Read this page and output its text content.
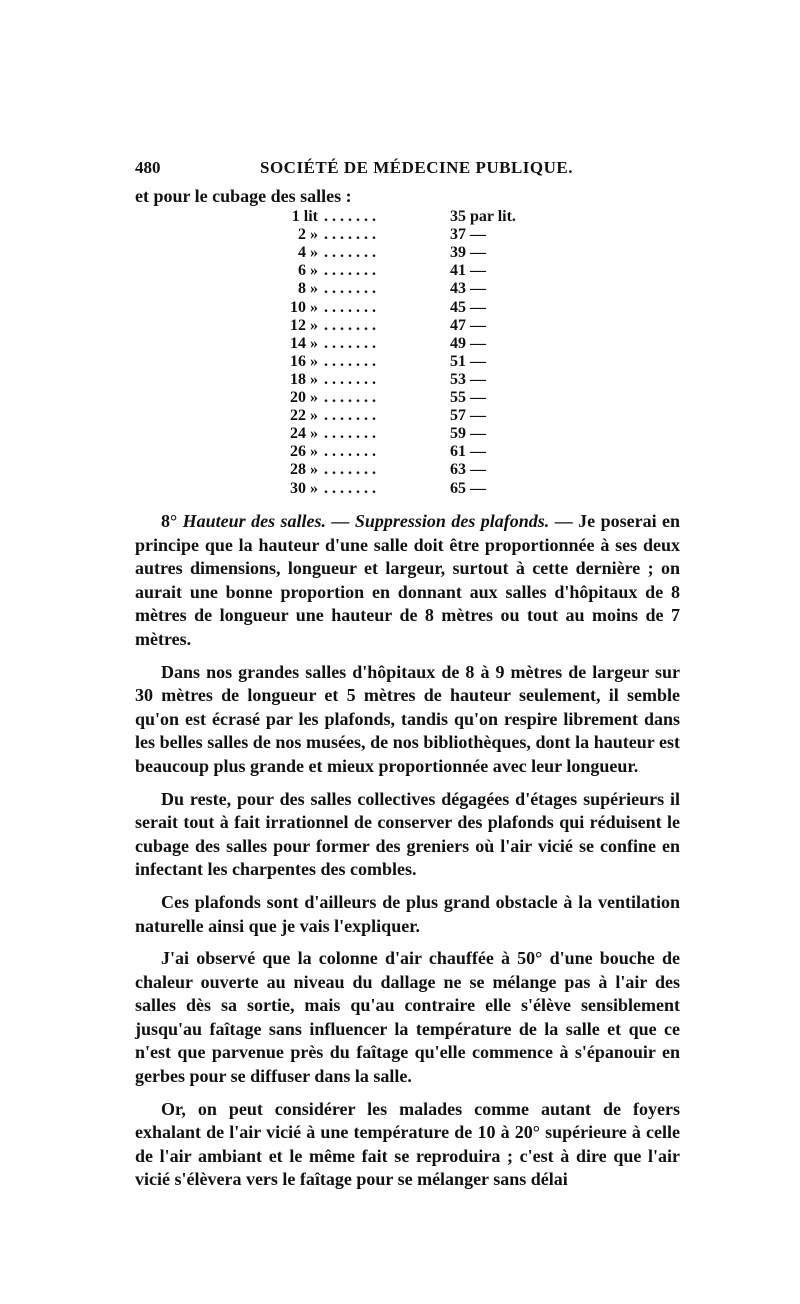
480	SOCIÉTÉ DE MÉDECINE PUBLIQUE.
et pour le cubage des salles :
1 lit . . . . . . .	35 par lit.
2 » . . . . . . .	37 —
4 » . . . . . . .	39 —
6 » . . . . . . .	41 —
8 » . . . . . . .	43 —
10 » . . . . . . .	45 —
12 » . . . . . . .	47 —
14 » . . . . . . .	49 —
16 » . . . . . . .	51 —
18 » . . . . . . .	53 —
20 » . . . . . . .	55 —
22 » . . . . . . .	57 —
24 » . . . . . . .	59 —
26 » . . . . . . .	61 —
28 » . . . . . . .	63 —
30 » . . . . . . .	65 —

8° Hauteur des salles. — Suppression des plafonds. — Je poserai en principe que la hauteur d'une salle doit être proportionnée à ses deux autres dimensions, longueur et largeur, surtout à cette dernière ; on aurait une bonne proportion en donnant aux salles d'hôpitaux de 8 mètres de longueur une hauteur de 8 mètres ou tout au moins de 7 mètres.

Dans nos grandes salles d'hôpitaux de 8 à 9 mètres de largeur sur 30 mètres de longueur et 5 mètres de hauteur seulement, il semble qu'on est écrasé par les plafonds, tandis qu'on respire librement dans les belles salles de nos musées, de nos bibliothèques, dont la hauteur est beaucoup plus grande et mieux proportionnée avec leur longueur.

Du reste, pour des salles collectives dégagées d'étages supérieurs il serait tout à fait irrationnel de conserver des plafonds qui réduisent le cubage des salles pour former des greniers où l'air vicié se confine en infectant les charpentes des combles.

Ces plafonds sont d'ailleurs de plus grand obstacle à la ventilation naturelle ainsi que je vais l'expliquer.

J'ai observé que la colonne d'air chauffée à 50° d'une bouche de chaleur ouverte au niveau du dallage ne se mélange pas à l'air des salles dès sa sortie, mais qu'au contraire elle s'élève sensiblement jusqu'au faîtage sans influencer la température de la salle et que ce n'est que parvenue près du faîtage qu'elle commence à s'épanouir en gerbes pour se diffuser dans la salle.

Or, on peut considérer les malades comme autant de foyers exhalant de l'air vicié à une température de 10 à 20° supérieure à celle de l'air ambiant et le même fait se reproduira ; c'est à dire que l'air vicié s'élèvera vers le faîtage pour se mélanger sans délai
